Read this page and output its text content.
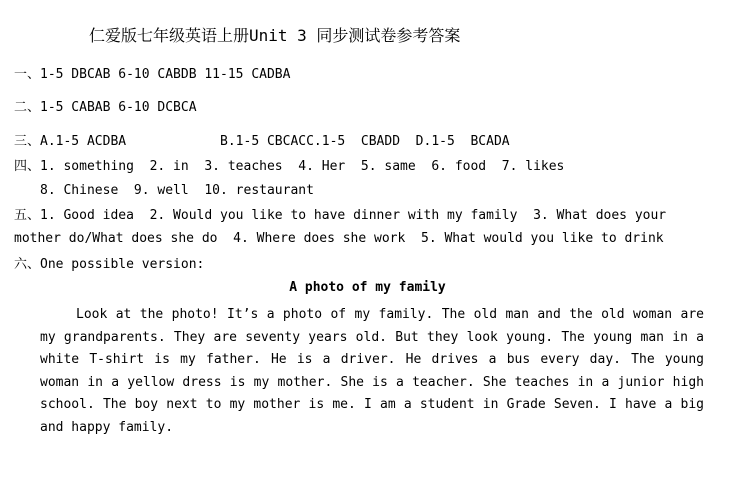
仁爱版七年级英语上册Unit 3 同步测试卷参考答案
一、1-5 DBCAB 6-10 CABDB 11-15 CADBA
二、1-5 CABAB 6-10 DCBCA
三、A.1-5 ACDBA            B.1-5 CBCACC.1-5  CBADD  D.1-5  BCADA
四、1. something  2. in  3. teaches  4. Her  5. same  6. food  7. likes
8. Chinese  9. well  10. restaurant
五、1. Good idea  2. Would you like to have dinner with my family  3. What does your
mother do/What does she do  4. Where does she work  5. What would you like to drink
六、One possible version:
A photo of my family
Look at the photo! It’s a photo of my family. The old man and the old woman are my grandparents. They are seventy years old. But they look young. The young man in a white T-shirt is my father. He is a driver. He drives a bus every day. The young woman in a yellow dress is my mother. She is a teacher. She teaches in a junior high school. The boy next to my mother is me. I am a student in Grade Seven. I have a big and happy family.
